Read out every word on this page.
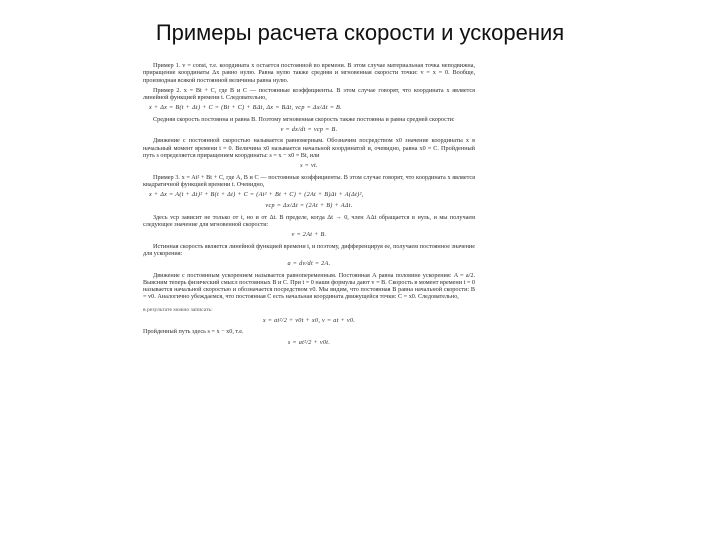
Примеры расчета скорости и ускорения

Пример 1. v = const, т.е. координата x остается постоянной во времени. В этом случае материальная точка неподвижна, приращение координаты Δx равно нулю. Равна нулю также средняя и мгновенная скорости точки: v = x = 0. Вообще, производная всякой постоянной величины равна нулю.

Пример 2. x = Bt + C, где B и C — постоянные коэффициенты. В этом случае говорят, что координата x является линейной функцией времени t. Следовательно,

x + Δx = B(t + Δt) + C = (Bt + C) + BΔt, Δx = BΔt, vср = Δx/Δt = B.

Средняя скорость постоянна и равна B. Поэтому мгновенная скорость также постоянна и равна средней скорости:

v = dx/dt = vср = B.

Движение с постоянной скоростью называется равномерным. Обозначим посредством x0 значение координаты x в начальный момент времени t = 0. Величина x0 называется начальной координатой и, очевидно, равна x0 = C. Пройденный путь s определяется приращением координаты: s = x − x0 = Bt, или

s = vt.

Пример 3. x = At² + Bt + C, где A, B и C — постоянные коэффициенты. В этом случае говорят, что координата x является квадратичной функцией времени t. Очевидно,

x + Δx = A(t + Δt)² + B(t + Δt) + C = (At² + Bt + C) + (2At + B)Δt + A(Δt)²,
vср = Δx/Δt = (2At + B) + AΔt.

Здесь vср зависит не только от t, но и от Δt. В пределе, когда Δt → 0, член AΔt обращается в нуль, и мы получаем следующее значение для мгновенной скорости:

v = 2At + B.

Истинная скорость является линейной функцией времени t, и поэтому, дифференцируя ее, получаем постоянное значение для ускорения:

a = dv/dt = 2A.

Движение с постоянным ускорением называется равнопеременным. Постоянная A равна половине ускорения: A = a/2. Выясним теперь физический смысл постоянных B и C. При t = 0 наши формулы дают v = B. Скорость в момент времени t = 0 называется начальной скоростью и обозначается посредством v0. Мы видим, что постоянная B равна начальной скорости: B = v0. Аналогично убеждаемся, что постоянная C есть начальная координата движущейся точки: C = x0. Следовательно,

в результате можно записать:
x = at²/2 + v0t + x0, v = at + v0.

Пройденный путь здесь s = x − x0, т.е.

s = at²/2 + v0t.
